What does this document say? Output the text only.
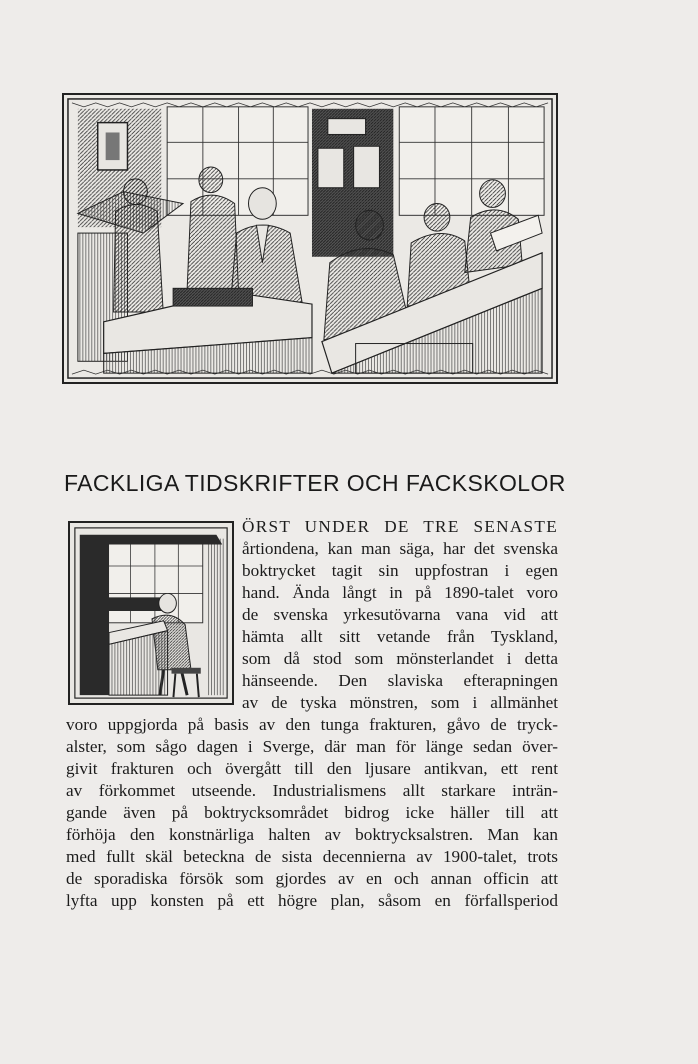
FACKLIGA TIDSKRIFTER OCH FACKSKOLOR
ÖRST UNDER DE TRE SENASTE
årtiondena, kan man säga, har det svenska
boktrycket tagit sin uppfostran i egen
hand. Ända långt in på 1890-talet voro
de svenska yrkesutövarna vana vid att
hämta allt sitt vetande från Tyskland,
som då stod som mönsterlandet i detta
hänseende. Den slaviska efterapningen
av de tyska mönstren, som i allmänhet
voro uppgjorda på basis av den tunga frakturen, gåvo de tryck-
alster, som sågo dagen i Sverge, där man för länge sedan över-
givit frakturen och övergått till den ljusare antikvan, ett rent
av förkommet utseende. Industrialismens allt starkare inträn-
gande även på boktrycksområdet bidrog icke häller till att
förhöja den konstnärliga halten av boktrycksalstren. Man kan
med fullt skäl beteckna de sista decennierna av 1900-talet, trots
de sporadiska försök som gjordes av en och annan officin att
lyfta upp konsten på ett högre plan, såsom en förfallsperiod
